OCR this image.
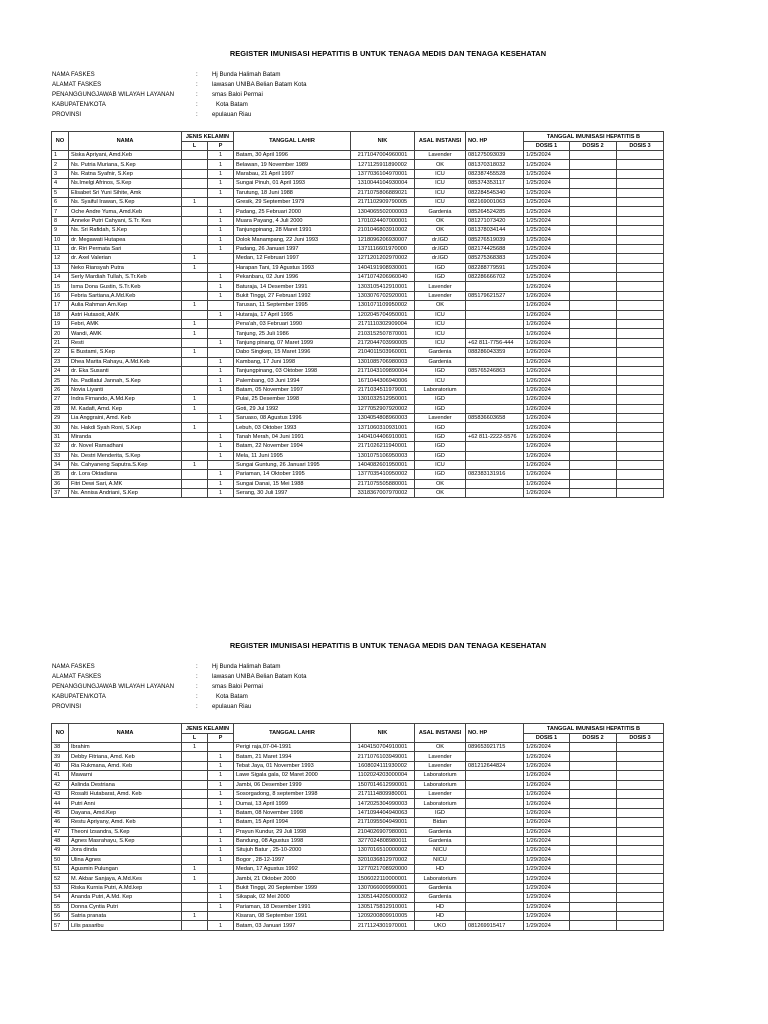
REGISTER IMUNISASI HEPATITIS B UNTUK TENAGA MEDIS DAN TENAGA KESEHATAN
NAMA FASKES	: Hj Bunda Halimah Batam
ALAMAT FASKES	: lawasan UNIBA Belian Batam Kota
PENANGGUNGJAWAB WILAYAH LAYANAN	: smas Baloi Permai
KABUPATEN/KOTA	:	Kota Batam
PROVINSI	: epulauan Riau
NO	NAMA	JENIS KELAMIN		TANGGAL LAHIR	NIK	ASAL INSTANSI	NO. HP	TANGGAL IMUNISASI HEPATITIS B		
		L	P					DOSIS 1	DOSIS 2	DOSIS 3
1	Siska Apriyani, Amd.Keb		1	Batam, 30 April 1996	2171047004960001	Lavender	081275093039	1/25/2024		
2	Ns. Putria Muriana, S.Kep		1	Belawan, 19 November 1989	1271125911890002	OK	081370318032	1/25/2024		
3	Ns. Ratna Syafnir, S.Kep		1	Marabau, 21 April 1997	1377036104970001	ICU	082387455528	1/25/2024		
4	Ns.Imelgi Afrinos, S.Kep		1	Sungai Pinuh, 01 April 1993	1310044104930004	ICU	085374353117	1/25/2024		
5	Elisabet Sri Yuni Sihite, Amk		1	Tarutung, 18 Juni 1988	2171075806889021	ICU	082284545340	1/25/2024		
6	Ns. Syaiful Irawan, S.Kep	1		Gresik, 29 September 1979	2171102909790005	ICU	082169001063	1/25/2024		
7	Oche Andre Yuma, Amd.Keb		1	Padang, 25 Februari 2000	1304065502000003	Gardenia	085264524285	1/25/2024		
8	Anneke Putri Cahyani, S.Tr. Kes		1	Muara Payang, 4 Juli 2000	1701024407000001	OK	081271073420	1/25/2024		
9	Ns. Sri Rafidah, S.Kep		1	Tanjungpinang, 28 Maret 1991	2101046803910002	OK	081378034144	1/25/2024		
10	dr. Megawati Hutapea		1	Dolok Manampang, 22 Juni 1993	1218096206930007	dr.IGD	085276519039	1/25/2024		
11	dr. Riri Permata Sari		1	Padang, 26 Januari 1997	1371116601970000	dr.IGD	082174425688	1/25/2024		
12	dr. Axel Valerian	1		Medan, 12 Februari 1997	1271201202970002	dr.IGD	085275368383	1/25/2024		
13	Neko Riansyah Putra	1		Harapan Tani, 19 Agustus 1993	1404191908930001	IGD	082288779591	1/25/2024		
14	Serly Mardiah Tullah, S.Tr.Keb		1	Pekanbaru, 02 Juni 1996	1471074206960040	IGD	082286666702	1/25/2024		
15	Isma Dona Gustin, S.Tr.Keb		1	Baturaja, 14 Desember 1991	1303105412910001	Lavender		1/26/2024		
16	Febria Sartiana,A.Md.Keb		1	Bukit Tinggi, 27 Februari 1992	1303076702920001	Lavender	085179621527	1/26/2024		
17	Aulia Rahman Am.Kep	1		Tarusan, 11 September 1995	1301071109950002	OK		1/26/2024		
18	Astri Hutasoit, AMK		1	Hutaraja, 17 April 1995	1202045704950001	ICU		1/26/2024		
19	Febri, AMK	1		Pena'ah, 03 Februari 1990	2171110302909004	ICU		1/26/2024		
20	Wandi, AMK	1		Tanjung, 25 Juli 1986	2103152507870001	ICU		1/26/2024		
21	Resti		1	Tanjung pinang, 07 Maret 1999	2172044703990005	ICU	+62 811-7756-444	1/26/2024		
22	E Bustami, S.Kep	1		Dabo Singkep, 15 Maret 1996	2104011503960001	Gardenia	088286043359	1/26/2024		
23	Dhea Marita Rahayu, A.Md.Keb		1	Kambang, 17 Juni 1998	1301085706980003	Gardenia		1/26/2024		
24	dr. Eka Susanti		1	Tanjungpinang, 03 Oktober 1998	2171043109890004	IGD	085765246863	1/26/2024		
25	Ns. Padilatul Jannah, S.Kep		1	Palembang, 03 Juni 1994	1671044306940006	ICU		1/26/2024		
26	Novia Liyanti		1	Batam, 05 November 1997	2171034511979001	Laboratorium		1/26/2024		
27	Indra Firnando, A.Md.Kep	1		Pulai, 25 Desember 1998	1301032512950001	IGD		1/26/2024		
28	M. Kadafi, Amd. Kep	1		Goti, 29 Jul 1992	1277052907920002	IGD		1/26/2024		
29	Lia Anggraini, Amd. Keb		1	Saruaso, 08 Agustus 1996	1304054808960003	Lavender	085836603658	1/26/2024		
30	Ns. Hakdi Syah Roni, S.Kep	1		Lebuh, 03 Oktober 1993	1371060310931001	IGD		1/26/2024		
31	Miranda		1	Tanah Merah, 04 Juni 1991	1404104406910001	IGD	+62 811-2222-5576	1/26/2024		
32	dr. Novel Ramadhani		1	Batam, 22 November 1994	2171026211940001	IGD		1/26/2024		
33	Ns. Destri Menderita, S.Kep		1	Mela, 11 Juni 1995	1301075106950003	IGD		1/26/2024		
34	Ns. Cahyaneng Saputra.S.Kep	1		Sungai Guntung, 26 Januari 1995	1404082601950001	ICU		1/26/2024		
35	dr. Lora Oktadiana		1	Pariaman, 14 Oktober 1995	1377035410950002	IGD	082383131916	1/26/2024		
36	Fitri Dewi Sari, A.MK		1	Sungai Danai, 15 Mei 1988	2171075505880001	OK		1/26/2024		
37	Ns. Annisa Andriani, S.Kep		1	Serang, 30 Juli 1997	3318367007970002	OK		1/26/2024		
REGISTER IMUNISASI HEPATITIS B UNTUK TENAGA MEDIS DAN TENAGA KESEHATAN
NAMA FASKES	: Hj Bunda Halimah Batam
ALAMAT FASKES	: lawasan UNIBA Belian Batam Kota
PENANGGUNGJAWAB WILAYAH LAYANAN	: smas Baloi Permai
KABUPATEN/KOTA	:	Kota Batam
PROVINSI	: epulauan Riau
NO	NAMA	JENIS KELAMIN		TANGGAL LAHIR	NIK	ASAL INSTANSI	NO. HP	TANGGAL IMUNISASI HEPATITIS B		
		L	P					DOSIS 1	DOSIS 2	DOSIS 3
38	Ibrahim	1		Perigi raja,07-04-1991	1404150704910001	OK	089653921715	1/26/2024		
39	Debby Fitriana, Amd. Keb		1	Batam, 21 Maret 1994	2171076103949001	Lavender		1/26/2024		
40	Ria Rukmana, Amd. Keb		1	Tebat Jaya, 01 November 1993	1608024111930002	Lavender	081212644824	1/26/2024		
41	Mawarni		1	Lawe Sigala gala, 02 Maret 2000	1102024203000004	Laboratorium		1/26/2024		
42	Aslinda Destriana		1	Jambi, 06 Desember 1999	1507014612990001	Laboratorium		1/26/2024		
43	Rosalti Hutabarat, Amd. Keb		1	Sosorgadong, 8 september 1998	2171114809980001	Lavender		1/26/2024		
44	Putri Anni		1	Dumai, 13 April 1999	1472025304990003	Laboratorium		1/26/2024		
45	Dayana, Amd.Kep		1	Batam, 08 November 1998	1471094404940063	IGD		1/26/2024		
46	Restu Apriyany, Amd. Keb		1	Batam, 15 April 1994	2171095504949001	Bidan		1/26/2024		
47	Theoni Izsandra, S.Kep		1	Prayun Kundur, 29 Juli 1998	2104026907980001	Gardenia		1/26/2024		
48	Agnes Masrahayu, S.Kep		1	Bandung, 08 Agustus 1998	3277024808980011	Gardenia		1/26/2024		
49	Jora dinda		1	Situjuh Batur , 25-10-2000	1307016510000002	NICU		1/26/2024		
50	Ulina Agnes		1	Bogor , 28-12-1997	3201036812970002	NICU		1/29/2024		
51	Agusmin Pulungan	1		Medan, 17 Agustus 1992	1277021708920000	HD		1/29/2024		
52	M. Akbar Sanjaya, A.Md.Kes	1		Jambi, 21 Oktober 2000	1506022110000001	Laboratorium		1/29/2024		
53	Riska Kurnia Putri, A.Md.kep		1	Bukit Tinggi, 20 September 1999	1307066009990001	Gardenia		1/29/2024		
54	Ananda Putri, A.Md. Kep		1	Sikapak, 02 Mei 2000	1305144205000002	Gardenia		1/29/2024		
55	Donna Cyntia Putri		1	Pariaman, 18 Desember 1991	1305175812910001	HD		1/29/2024		
56	Satria pranata	1		Kisaran, 08 September 1991	1209200809910005	HD		1/29/2024		
57	Lilis pasaribu		1	Batam, 03 Januari 1997	2171124301970001	UKO	081269915417	1/29/2024		
